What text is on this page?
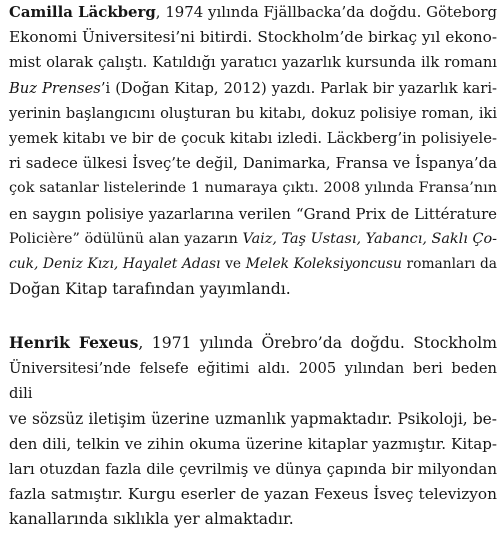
Camilla Läckberg, 1974 yılında Fjällbacka’da doğdu. Göteborg
Ekonomi Üniversitesi’ni bitirdi. Stockholm’de birkaç yıl ekono-
mist olarak çalıştı. Katıldığı yaratıcı yazarlık kursunda ilk romanı
Buz Prenses’i (Doğan Kitap, 2012) yazdı. Parlak bir yazarlık kari-
yerinin başlangıcını oluşturan bu kitabı, dokuz polisiye roman, iki
yemek kitabı ve bir de çocuk kitabı izledi. Läckberg’in polisiyele-
ri sadece ülkesi İsveç’te değil, Danimarka, Fransa ve İspanya’da
çok satanlar listelerinde 1 numaraya çıktı. 2008 yılında Fransa’nın
en saygın polisiye yazarlarına verilen “Grand Prix de Littérature
Policière” ödülünü alan yazarın Vaiz, Taş Ustası, Yabancı, Saklı Ço-
cuk, Deniz Kızı, Hayalet Adası ve Melek Koleksiyoncusu romanları da
Doğan Kitap tarafından yayımlandı.

Henrik Fexeus, 1971 yılında Örebro’da doğdu. Stockholm
Üniversitesi’nde felsefe eğitimi aldı. 2005 yılından beri beden dili
ve sözsüz iletişim üzerine uzmanlık yapmaktadır. Psikoloji, be-
den dili, telkin ve zihin okuma üzerine kitaplar yazmıştır. Kitap-
ları otuzdan fazla dile çevrilmiş ve dünya çapında bir milyondan
fazla satmıştır. Kurgu eserler de yazan Fexeus İsveç televizyon
kanallarında sıklıkla yer almaktadır.
